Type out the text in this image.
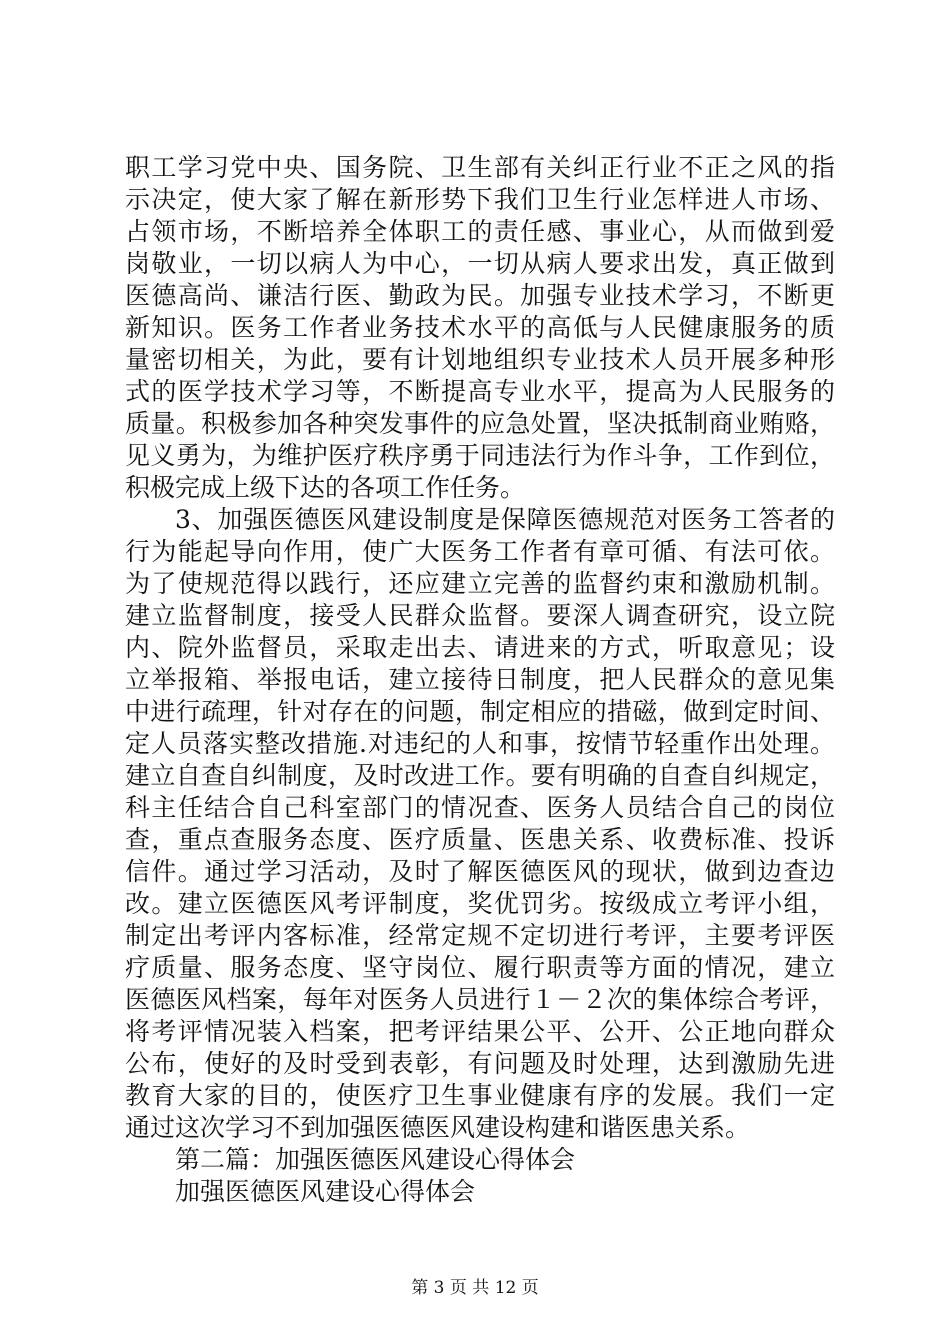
职工学习党中央、国务院、卫生部有关纠正行业不正之风的指
示决定，使大家了解在新形势下我们卫生行业怎样进人市场、
占领市场，不断培养全体职工的责任感、事业心，从而做到爱
岗敬业，一切以病人为中心，一切从病人要求出发，真正做到
医德高尚、谦洁行医、勤政为民。加强专业技术学习，不断更
新知识。医务工作者业务技术水平的高低与人民健康服务的质
量密切相关，为此，要有计划地组织专业技术人员开展多种形
式的医学技术学习等，不断提高专业水平，提高为人民服务的
质量。积极参加各种突发事件的应急处置，坚决抵制商业贿赂，
见义勇为，为维护医疗秩序勇于同违法行为作斗争，工作到位，
积极完成上级下达的各项工作任务。
3、加强医德医风建设制度是保障医德规范对医务工答者的
行为能起导向作用，使广大医务工作者有章可循、有法可依。
为了使规范得以践行，还应建立完善的监督约束和激励机制。
建立监督制度，接受人民群众监督。要深人调查研究，设立院
内、院外监督员，采取走出去、请进来的方式，听取意见；设
立举报箱、举报电话，建立接待日制度，把人民群众的意见集
中进行疏理，针对存在的问题，制定相应的措磁，做到定时间、
定人员落实整改措施.对违纪的人和事，按情节轻重作出处理。
建立自查自纠制度，及时改进工作。要有明确的自查自纠规定，
科主任结合自己科室部门的情况查、医务人员结合自己的岗位
查，重点查服务态度、医疗质量、医患关系、收费标准、投诉
信件。通过学习活动，及时了解医德医风的现状，做到边查边
改。建立医德医风考评制度，奖优罚劣。按级成立考评小组，
制定出考评内客标准，经常定规不定切进行考评，主要考评医
疗质量、服务态度、坚守岗位、履行职责等方面的情况，建立
医德医风档案，每年对医务人员进行１－２次的集体综合考评，
将考评情况装入档案，把考评结果公平、公开、公正地向群众
公布，使好的及时受到表彰，有问题及时处理，达到激励先进
教育大家的目的，使医疗卫生事业健康有序的发展。我们一定
通过这次学习不到加强医德医风建设构建和谐医患关系。
第二篇：加强医德医风建设心得体会
加强医德医风建设心得体会
第 3 页 共 12 页
